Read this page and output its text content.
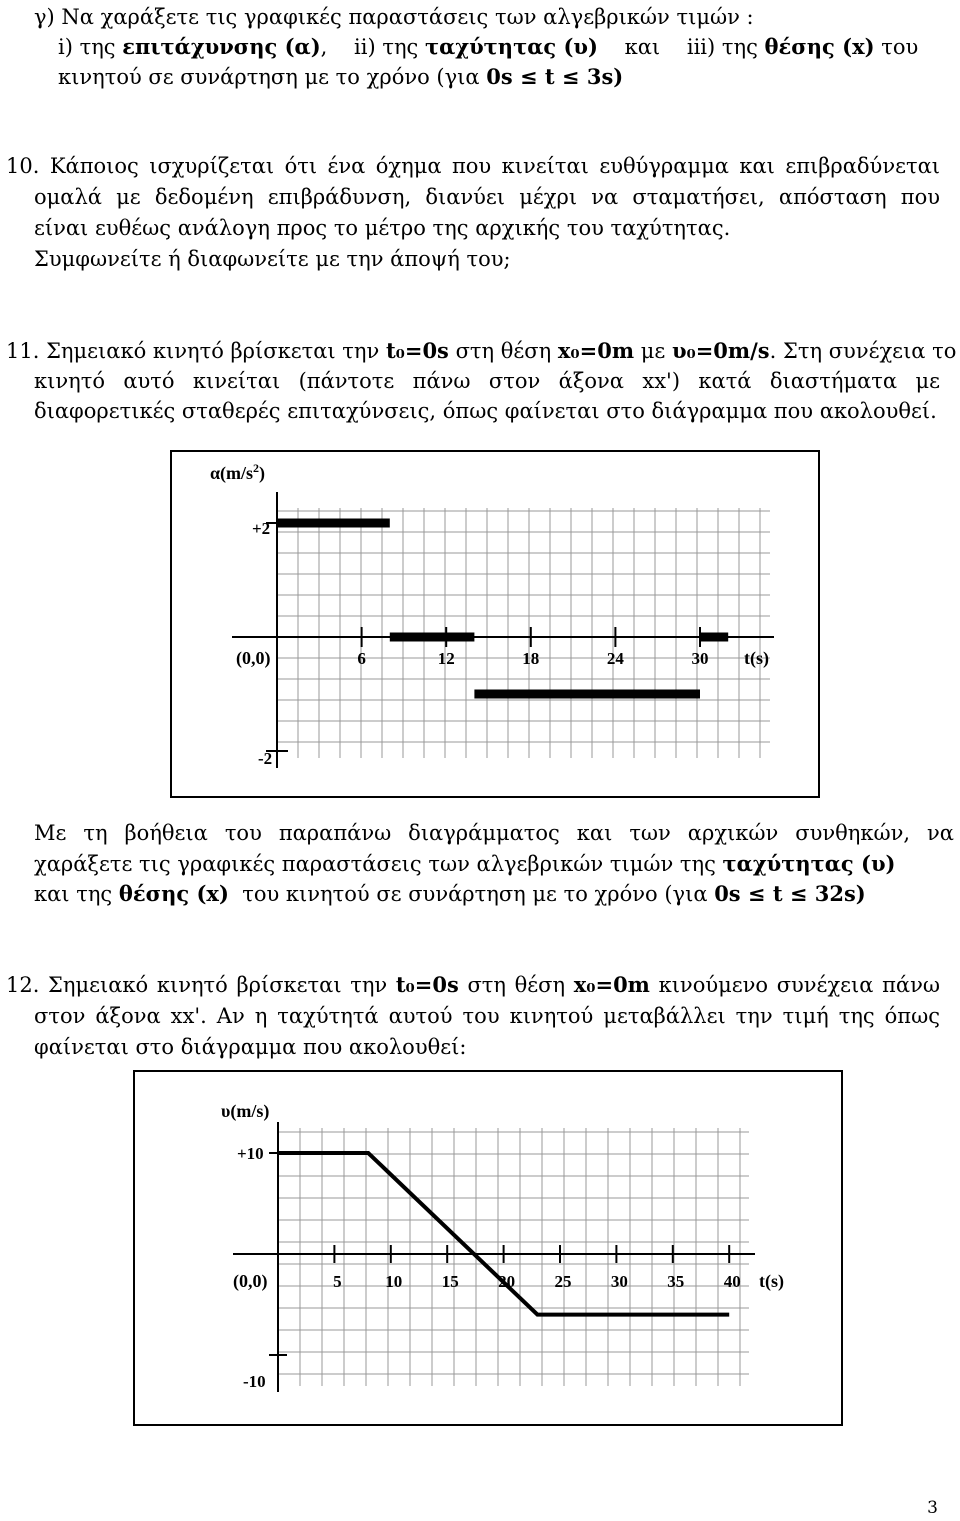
γ) Να χαράξετε τις γραφικές παραστάσεις των αλγεβρικών τιμών :
i) της επιτάχυνσης (α),    ii) της ταχύτητας (υ)    και    iii) της θέσης (x) του
κινητού σε συνάρτηση με το χρόνο (για 0s ≤ t ≤ 3s)
10. Κάποιος ισχυρίζεται ότι ένα όχημα που κινείται ευθύγραμμα και επιβραδύνεται
ομαλά με δεδομένη επιβράδυνση, διανύει μέχρι να σταματήσει, απόσταση που
είναι ευθέως ανάλογη προς το μέτρο της αρχικής του ταχύτητας.
Συμφωνείτε ή διαφωνείτε με την άποψή του;
11. Σημειακό κινητό βρίσκεται την t₀=0s στη θέση x₀=0m με υ₀=0m/s. Στη συνέχεια το
κινητό αυτό κινείται (πάντοτε πάνω στον άξονα xx') κατά διαστήματα με
διαφορετικές σταθερές επιταχύνσεις, όπως φαίνεται στο διάγραμμα που ακολουθεί.
$\alpha(m/s^2)$
t(s)
(0,0)
+2
-2
6	12	18	24	30
Με τη βοήθεια του παραπάνω διαγράμματος και των αρχικών συνθηκών, να
χαράξετε τις γραφικές παραστάσεις των αλγεβρικών τιμών της ταχύτητας (υ)
και της θέσης (x)  του κινητού σε συνάρτηση με το χρόνο (για 0s ≤ t ≤ 32s)
12. Σημειακό κινητό βρίσκεται την t₀=0s στη θέση x₀=0m κινούμενο συνέχεια πάνω
στον άξονα xx'. Αν η ταχύτητά αυτού του κινητού μεταβάλλει την τιμή της όπως
φαίνεται στο διάγραμμα που ακολουθεί:
υ(m/s)
t(s)
(0,0)
+10
-10
5	10 15 20 25 30 35 40
3
